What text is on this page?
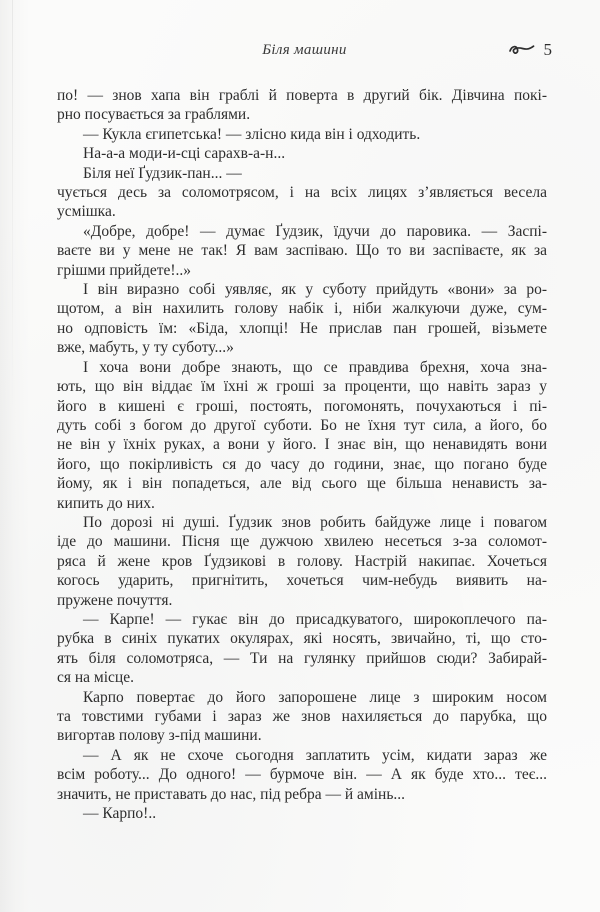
Біля машини	5
по! — знов хапа він граблі й поверта в другий бік. Дівчина покі-
рно посувається за граблями.
— Кукла єгипетська! — злісно кида він і одходить.
На-а-а моди-и-сці сарахв-а-н...
Біля неї Ґудзик-пан... —
чується десь за соломотрясом, і на всіх лицях з’являється весела
усмішка.
«Добре, добре! — думає Ґудзик, їдучи до паровика. — Заспі-
ваєте ви у мене не так! Я вам заспіваю. Що то ви заспіваєте, як за
грішми прийдете!..»
І він виразно собі уявляє, як у суботу прийдуть «вони» за ро-
щотом, а він нахилить голову набік і, ніби жалкуючи дуже, сум-
но одповість їм: «Біда, хлопці! Не прислав пан грошей, візьмете
вже, мабуть, у ту суботу...»
І хоча вони добре знають, що се правдива брехня, хоча зна-
ють, що він віддає їм їхні ж гроші за проценти, що навіть зараз у
його в кишені є гроші, постоять, погомонять, почухаються і пі-
дуть собі з богом до другої суботи. Бо не їхня тут сила, а його, бо
не він у їхніх руках, а вони у його. І знає він, що ненавидять вони
його, що покірливість ся до часу до години, знає, що погано буде
йому, як і він попадеться, але від сього ще більша ненависть за-
кипить до них.
По дорозі ні душі. Ґудзик знов робить байдуже лице і повагом
іде до машини. Пісня ще дужчою хвилею несеться з-за соломот-
ряса й жене кров Ґудзикові в голову. Настрій накипає. Хочеться
когось ударить, пригнітить, хочеться чим-небудь виявить на-
пружене почуття.
— Карпе! — гукає він до присадкуватого, широкоплечого па-
рубка в синіх пукатих окулярах, які носять, звичайно, ті, що сто-
ять біля соломотряса, — Ти на гулянку прийшов сюди? Забирай-
ся на місце.
Карпо повертає до його запорошене лице з широким носом
та товстими губами і зараз же знов нахиляється до парубка, що
вигортав полову з-під машини.
— А як не схоче сьогодня заплатить усім, кидати зараз же
всім роботу... До одного! — бурмоче він. — А як буде хто... теє...
значить, не приставать до нас, під ребра — й амінь...
— Карпо!..
